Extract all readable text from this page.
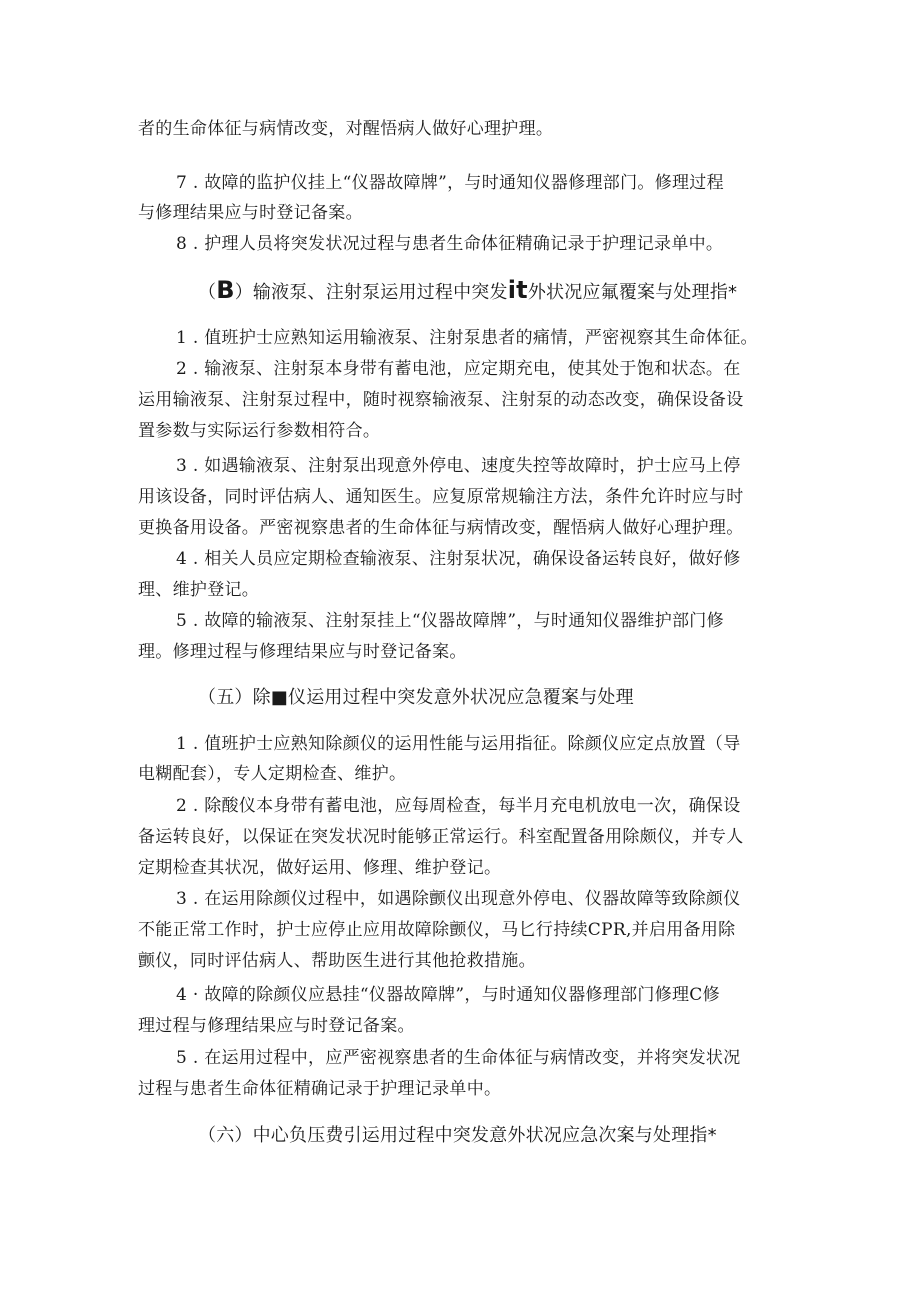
者的生命体征与病情改变，对醒悟病人做好心理护理。
7 . 故障的监护仪挂上“仪器故障牌”，与时通知仪器修理部门。修理过程
与修理结果应与时登记备案。
8 . 护理人员将突发状况过程与患者生命体征精确记录于护理记录单中。
（B）输液泵、注射泵运用过程中突发it外状况应氟覆案与处理指*
1 . 值班护士应熟知运用输液泵、注射泵患者的痛情，严密视察其生命体征。
2 . 输液泵、注射泵本身带有蓄电池，应定期充电，使其处于饱和状态。在
运用输液泵、注射泵过程中，随时视察输液泵、注射泵的动态改变，确保设备设
置参数与实际运行参数相符合。
3 . 如遇输液泵、注射泵出现意外停电、速度失控等故障时，护士应马上停
用该设备，同时评估病人、通知医生。应复原常规输注方法，条件允许时应与时
更换备用设备。严密视察患者的生命体征与病情改变，醒悟病人做好心理护理。
4 . 相关人员应定期检查输液泵、注射泵状况，确保设备运转良好，做好修
理、维护登记。
5 . 故障的输液泵、注射泵挂上“仪器故障牌”，与时通知仪器维护部门修
理。修理过程与修理结果应与时登记备案。
（五）除■仪运用过程中突发意外状况应急覆案与处理
1 . 值班护士应熟知除颜仪的运用性能与运用指征。除颜仪应定点放置（导
电糊配套），专人定期检查、维护。
2 . 除酸仪本身带有蓄电池，应每周检查，每半月充电机放电一次，确保设
备运转良好，以保证在突发状况时能够正常运行。科室配置备用除颇仪，并专人
定期检查其状况，做好运用、修理、维护登记。
3 . 在运用除颜仪过程中，如遇除颤仪出现意外停电、仪器故障等致除颜仪
不能正常工作时，护士应停止应用故障除颤仪，马匕行持续CPR,并启用备用除
颤仪，同时评估病人、帮助医生进行其他抢救措施。
4 · 故障的除颜仪应悬挂“仪器故障牌”，与时通知仪器修理部门修理C修
理过程与修理结果应与时登记备案。
5 . 在运用过程中，应严密视察患者的生命体征与病情改变，并将突发状况
过程与患者生命体征精确记录于护理记录单中。
（六）中心负压费引运用过程中突发意外状况应急次案与处理指*
